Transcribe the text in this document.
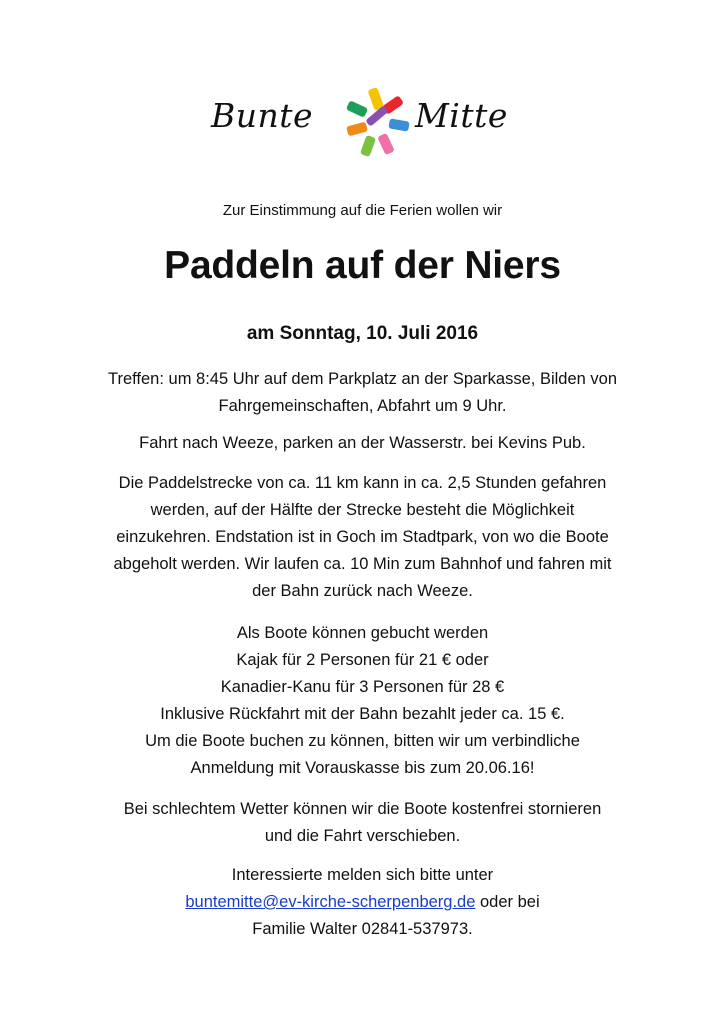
Bunte	Mitte
Zur Einstimmung auf die Ferien wollen wir
Paddeln auf der Niers
am Sonntag, 10. Juli 2016

Treffen: um 8:45 Uhr auf dem Parkplatz an der Sparkasse, Bilden von

Fahrgemeinschaften, Abfahrt um 9 Uhr.

Fahrt nach Weeze, parken an der Wasserstr. bei Kevins Pub.

Die Paddelstrecke von ca. 11 km kann in ca. 2,5 Stunden gefahren

werden, auf der Hälfte der Strecke besteht die Möglichkeit

einzukehren. Endstation ist in Goch im Stadtpark, von wo die Boote

abgeholt werden. Wir laufen ca. 10 Min zum Bahnhof und fahren mit

der Bahn zurück nach Weeze.

Als Boote können gebucht werden

Kajak für 2 Personen für 21 € oder

Kanadier-Kanu für 3 Personen für 28 €

Inklusive Rückfahrt mit der Bahn bezahlt jeder ca. 15 €.

Um die Boote buchen zu können, bitten wir um verbindliche

Anmeldung mit Vorauskasse bis zum 20.06.16!

Bei schlechtem Wetter können wir die Boote kostenfrei stornieren

und die Fahrt verschieben.

Interessierte melden sich bitte unter

buntemitte@ev-kirche-scherpenberg.de oder bei

Familie Walter 02841-537973.
